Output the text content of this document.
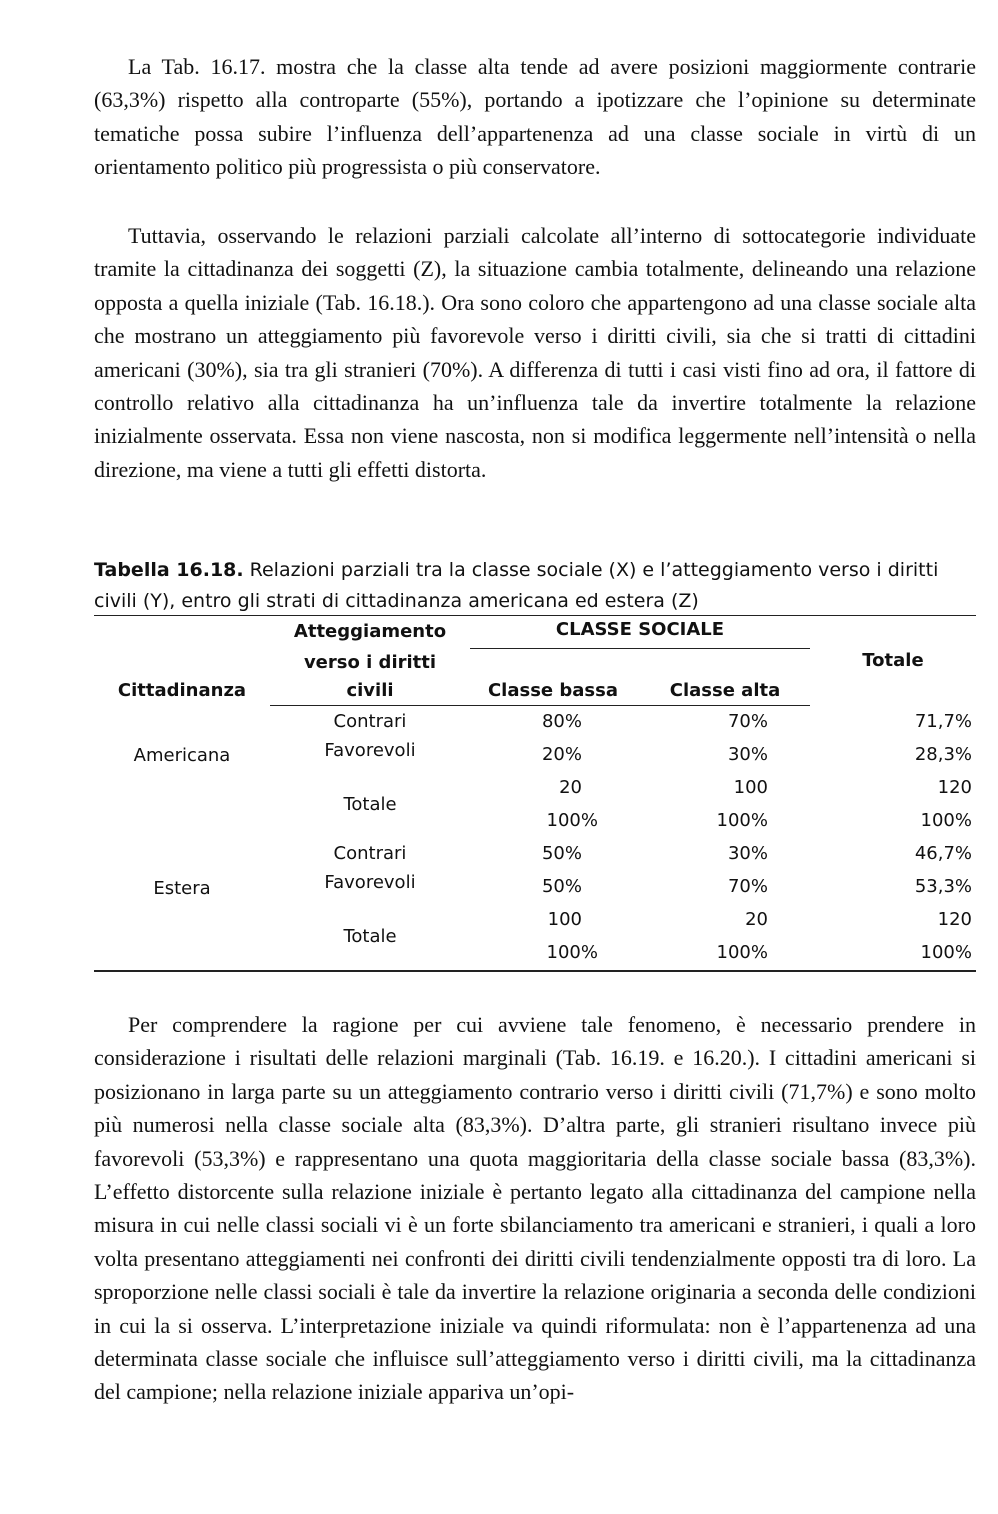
La Tab. 16.17. mostra che la classe alta tende ad avere posizioni maggiormente contrarie (63,3%) rispetto alla controparte (55%), portando a ipotizzare che l’opinione su determinate tematiche possa subire l’influenza dell’appartenenza ad una classe sociale in virtù di un orientamento politico più progressista o più conservatore.

Tuttavia, osservando le relazioni parziali calcolate all’interno di sottocategorie individuate tramite la cittadinanza dei soggetti (Z), la situazione cambia totalmente, delineando una relazione opposta a quella iniziale (Tab. 16.18.). Ora sono coloro che appartengono ad una classe sociale alta che mostrano un atteggiamento più favorevole verso i diritti civili, sia che si tratti di cittadini americani (30%), sia tra gli stranieri (70%). A differenza di tutti i casi visti fino ad ora, il fattore di controllo relativo alla cittadinanza ha un’influenza tale da invertire totalmente la relazione inizialmente osservata. Essa non viene nascosta, non si modifica leggermente nell’intensità o nella direzione, ma viene a tutti gli effetti distorta.

Tabella 16.18. Relazioni parziali tra la classe sociale (X) e l’atteggiamento verso i diritti civili (Y), entro gli strati di cittadinanza americana ed estera (Z)

Cittadinanza	Atteggiamento	CLASSE SOCIALE		Totale
	verso i diritti			
	civili	Classe bassa	Classe alta	
Americana	Contrari	80%	70%	71,7%
	Favorevoli	20%	30%	28,3%
	Totale	20	100	120
		100%	100%	100%
Estera	Contrari	50%	30%	46,7%
	Favorevoli	50%	70%	53,3%
	Totale	100	20	120
		100%	100%	100%

Per comprendere la ragione per cui avviene tale fenomeno, è necessario prendere in considerazione i risultati delle relazioni marginali (Tab. 16.19. e 16.20.). I cittadini americani si posizionano in larga parte su un atteggiamento contrario verso i diritti civili (71,7%) e sono molto più numerosi nella classe sociale alta (83,3%). D’altra parte, gli stranieri risultano invece più favorevoli (53,3%) e rappresentano una quota maggioritaria della classe sociale bassa (83,3%). L’effetto distorcente sulla relazione iniziale è pertanto legato alla cittadinanza del campione nella misura in cui nelle classi sociali vi è un forte sbilanciamento tra americani e stranieri, i quali a loro volta presentano atteggiamenti nei confronti dei diritti civili tendenzialmente opposti tra di loro. La sproporzione nelle classi sociali è tale da invertire la relazione originaria a seconda delle condizioni in cui la si osserva. L’interpretazione iniziale va quindi riformulata: non è l’appartenenza ad una determinata classe sociale che influisce sull’atteggiamento verso i diritti civili, ma la cittadinanza del campione; nella relazione iniziale appariva un’opi-
